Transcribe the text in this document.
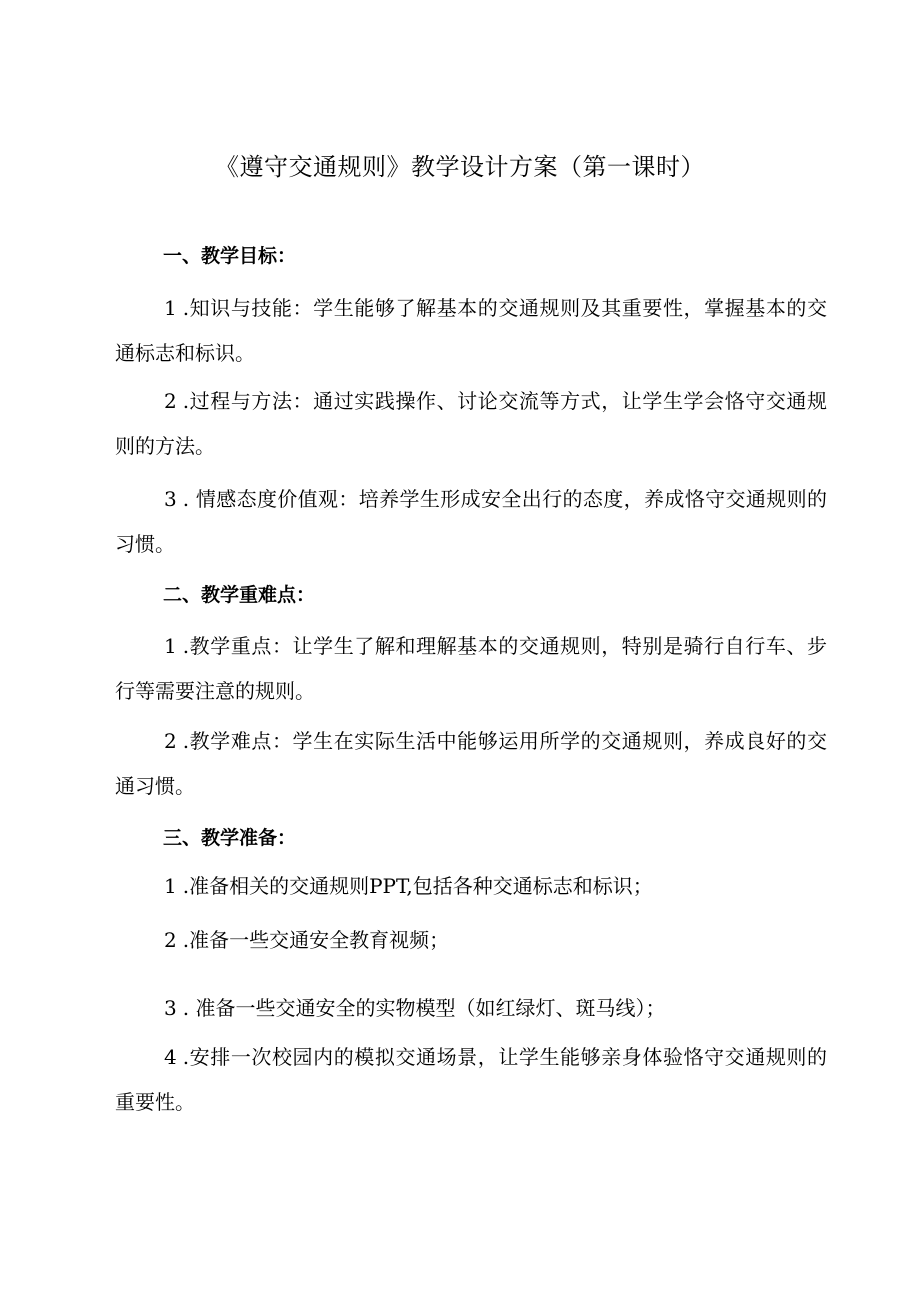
《遵守交通规则》教学设计方案（第一课时）
一、教学目标：
1 .知识与技能：学生能够了解基本的交通规则及其重要性，掌握基本的交通标志和标识。
2 .过程与方法：通过实践操作、讨论交流等方式，让学生学会恪守交通规则的方法。
3 . 情感态度价值观：培养学生形成安全出行的态度，养成恪守交通规则的习惯。
二、教学重难点：
1 .教学重点：让学生了解和理解基本的交通规则，特别是骑行自行车、步行等需要注意的规则。
2 .教学难点：学生在实际生活中能够运用所学的交通规则，养成良好的交通习惯。
三、教学准备：
1 .准备相关的交通规则PPT,包括各种交通标志和标识；
2 .准备一些交通安全教育视频；
3 . 准备一些交通安全的实物模型（如红绿灯、斑马线）；
4 .安排一次校园内的模拟交通场景，让学生能够亲身体验恪守交通规则的重要性。
